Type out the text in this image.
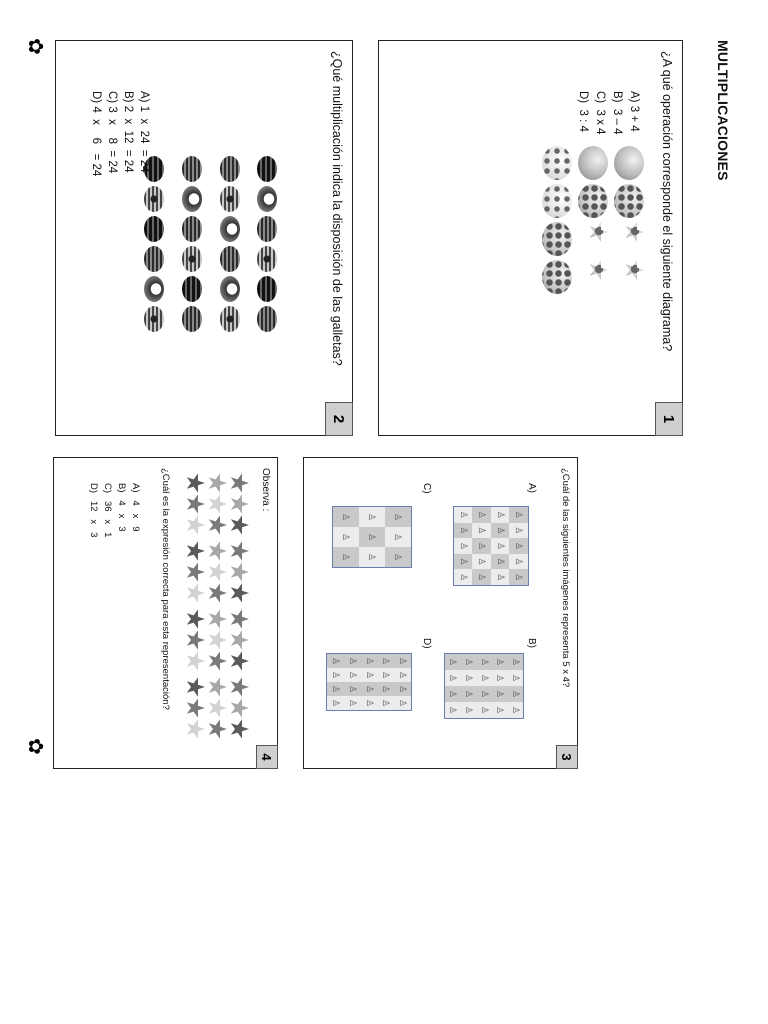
MULTIPLICACIONES
1
¿A qué operación corresponde el siguiente diagrama?
A) 3 + 4
B)  3 – 4
C)  3 x 4
D)  3 : 4
2
¿Qué multiplicación indica la disposición de las galletas?
A) 1  x  24  = 24
B) 2  x  12  = 24
C) 3  x    8  = 24
D) 4  x    6   = 24
3
¿Cuál de las siguientes imágenes representa 5 x 4?
A)
B)
C)
D)
♙
♙
♙
♙
♙
♙
♙
♙
♙
♙
♙
♙
♙
♙
♙
♙
♙
♙
♙
♙
♙
♙
♙
♙
♙
♙
♙
♙
♙
♙
♙
♙
♙
♙
♙
♙
♙
♙
♙
♙
♙
♙
♙
♙
♙
♙
♙
♙
♙
♙
♙
♙
♙
♙
♙
♙
♙
♙
♙
♙
♙
♙
♙
♙
♙
♙
♙
♙
♙
4
Observa :
¿Cuál es la expresión correcta para esta representación?
A)   4   x   9
B)   4   x   3
C)   36   x   1
D)   12   x   3
✿
✿
